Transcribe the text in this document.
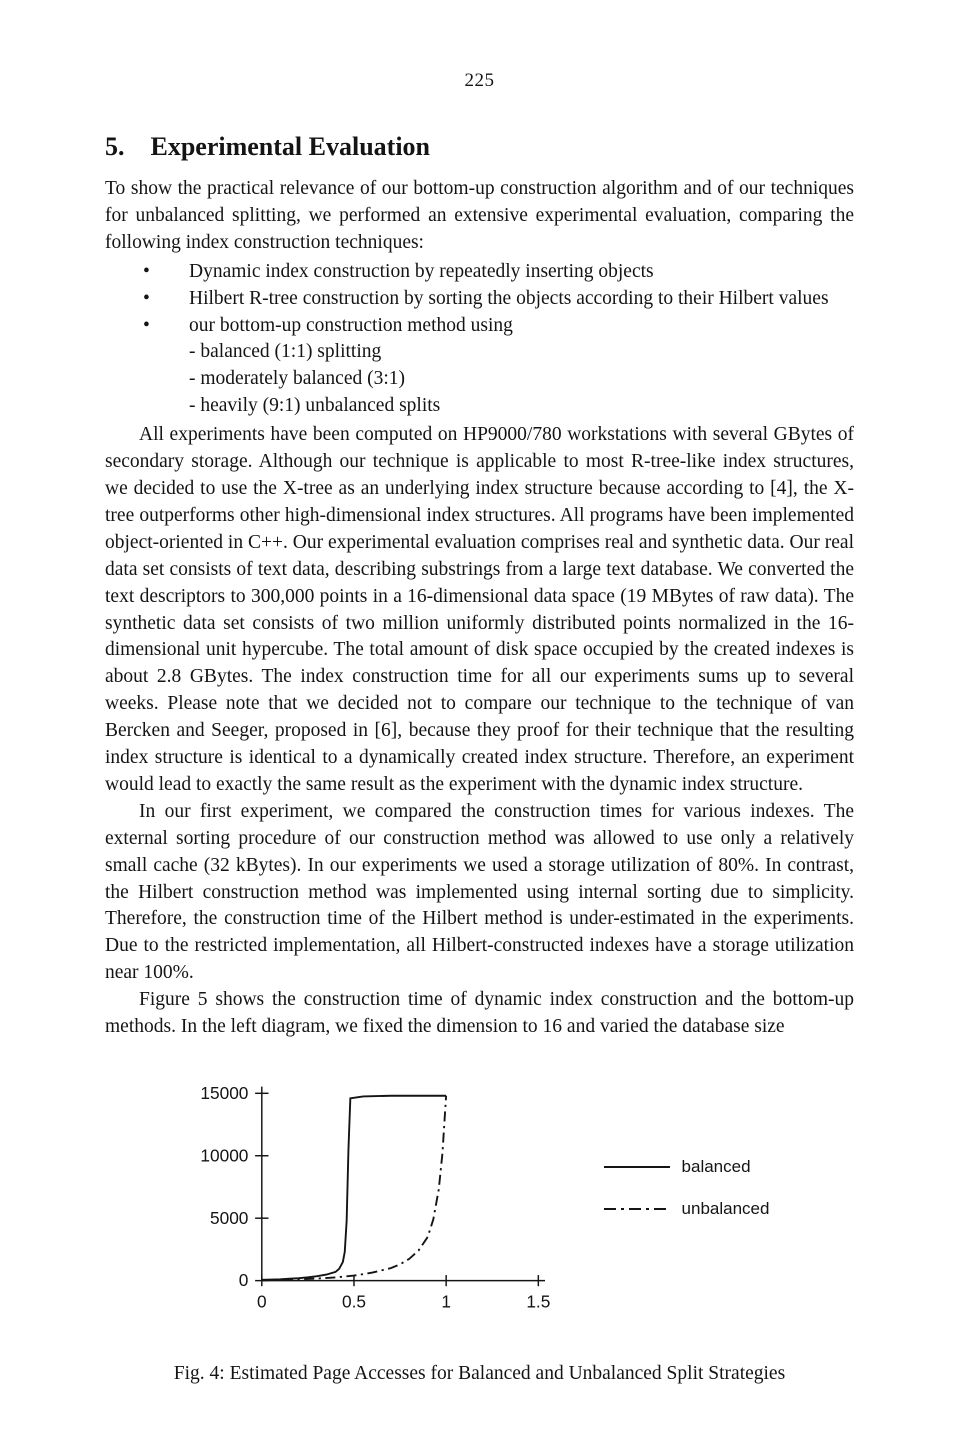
225
5. Experimental Evaluation

To show the practical relevance of our bottom-up construction algorithm and of our techniques for unbalanced splitting, we performed an extensive experimental evaluation, comparing the following index construction techniques:

•	Dynamic index construction by repeatedly inserting objects
•	Hilbert R-tree construction by sorting the objects according to their Hilbert values
•	our bottom-up construction method using
- balanced (1:1) splitting
- moderately balanced (3:1)
- heavily (9:1) unbalanced splits

All experiments have been computed on HP9000/780 workstations with several GBytes of secondary storage. Although our technique is applicable to most R-tree-like index structures, we decided to use the X-tree as an underlying index structure because according to [4], the X-tree outperforms other high-dimensional index structures. All programs have been implemented object-oriented in C++. Our experimental evaluation comprises real and synthetic data. Our real data set consists of text data, describing substrings from a large text database. We converted the text descriptors to 300,000 points in a 16-dimensional data space (19 MBytes of raw data). The synthetic data set consists of two million uniformly distributed points normalized in the 16-dimensional unit hypercube. The total amount of disk space occupied by the created indexes is about 2.8 GBytes. The index construction time for all our experiments sums up to several weeks. Please note that we decided not to compare our technique to the technique of van Bercken and Seeger, proposed in [6], because they proof for their technique that the resulting index structure is identical to a dynamically created index structure. Therefore, an experiment would lead to exactly the same result as the experiment with the dynamic index structure.

In our first experiment, we compared the construction times for various indexes. The external sorting procedure of our construction method was allowed to use only a relatively small cache (32 kBytes). In our experiments we used a storage utilization of 80%. In contrast, the Hilbert construction method was implemented using internal sorting due to simplicity. Therefore, the construction time of the Hilbert method is under-estimated in the experiments. Due to the restricted implementation, all Hilbert-constructed indexes have a storage utilization near 100%.

Figure 5 shows the construction time of dynamic index construction and the bottom-up methods. In the left diagram, we fixed the dimension to 16 and varied the database size

0
5000
10000
15000
0	0.5	1	1.5
balanced
unbalanced
Fig. 4: Estimated Page Accesses for Balanced and Unbalanced Split Strategies
